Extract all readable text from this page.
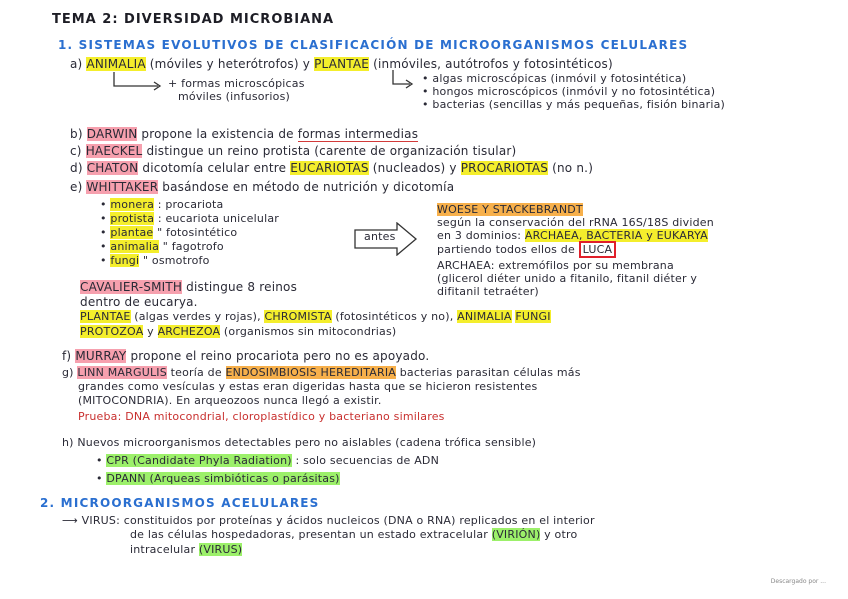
TEMA 2: DIVERSIDAD MICROBIANA
1. SISTEMAS EVOLUTIVOS DE CLASIFICACIÓN DE MICROORGANISMOS CELULARES
a) ANIMALIA (móviles y heterótrofos) y PLANTAE (inmóviles, autótrofos y fotosintéticos)
+ formas microscópicas
móviles (infusorios)
• algas microscópicas (inmóvil y fotosintética)
• hongos microscópicos (inmóvil y no fotosintética)
• bacterias (sencillas y más pequeñas, fisión binaria)
b) DARWIN propone la existencia de formas intermedias
c) HAECKEL distingue un reino protista (carente de organización tisular)
d) CHATON dicotomía celular entre EUCARIOTAS (nucleados) y PROCARIOTAS (no n.)
e) WHITTAKER basándose en método de nutrición y dicotomía
• monera : procariota
• protista : eucariota unicelular
• plantae " fotosintético
• animalia " fagotrofo
• fungi " osmotrofo
antes
WOESE Y STACKEBRANDT
según la conservación del rRNA 16S/18S dividen
en 3 dominios: ARCHAEA, BACTERIA y EUKARYA
partiendo todos ellos de LUCA
ARCHAEA: extremófilos por su membrana
(glicerol diéter unido a fitanilo, fitanil diéter y
difitanil tetraéter)
CAVALIER-SMITH distingue 8 reinos
dentro de eucarya.
PLANTAE (algas verdes y rojas), CHROMISTA (fotosintéticos y no), ANIMALIA FUNGI
PROTOZOA y ARCHEZOA (organismos sin mitocondrias)
f) MURRAY propone el reino procariota pero no es apoyado.
g) LINN MARGULIS teoría de ENDOSIMBIOSIS HEREDITARIA bacterias parasitan células más
grandes como vesículas y estas eran digeridas hasta que se hicieron resistentes
(MITOCONDRIA). En arqueozoos nunca llegó a existir.
Prueba: DNA mitocondrial, cloroplastídico y bacteriano similares
h) Nuevos microorganismos detectables pero no aislables (cadena trófica sensible)
• CPR (Candidate Phyla Radiation) : solo secuencias de ADN
• DPANN (Arqueas simbióticas o parásitas)
2. MICROORGANISMOS ACELULARES
⟶ VIRUS: constituidos por proteínas y ácidos nucleicos (DNA o RNA) replicados en el interior
de las células hospedadoras, presentan un estado extracelular (VIRIÓN) y otro
intracelular (VIRUS)
Descargado por ...
